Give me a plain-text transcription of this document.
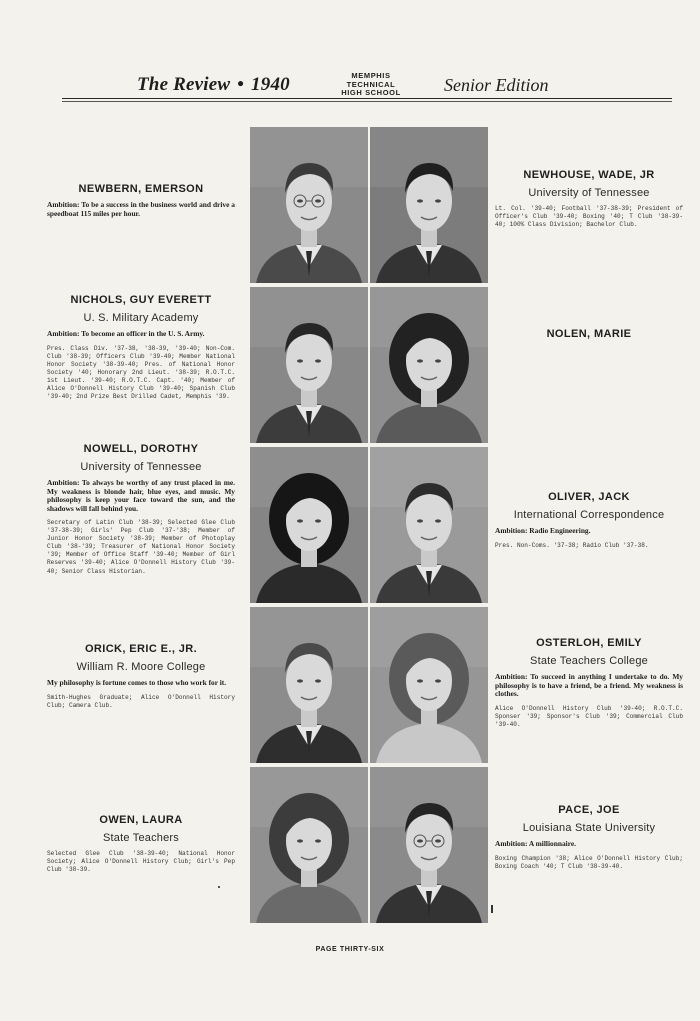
The Review • 1940	MEMPHIS
TECHNICAL
HIGH SCHOOL	Senior Edition
NEWBERN, EMERSON
Ambition: To be a success in the business world and drive a speedboat 115 miles per hour.
NICHOLS, GUY EVERETT
U. S. Military Academy
Ambition: To become an officer in the U. S. Army.
Pres. Class Div. '37-38, '38-39, '39-40; Non-Com. Club '38-39; Officers Club '39-40; Member National Honor Society '38-39-40; Pres. of National Honor Society '40; Honorary 2nd Lieut. '38-39; R.O.T.C. 1st Lieut. '39-40; R.O.T.C. Capt. '40; Member of Alice O'Donnell History Club '39-40; Spanish Club '39-40; 2nd Prize Best Drilled Cadet, Memphis '39.
NOWELL, DOROTHY
University of Tennessee
Ambition: To always be worthy of any trust placed in me. My weakness is blonde hair, blue eyes, and music. My philosophy is keep your face toward the sun, and the shadows will fall behind you.
Secretary of Latin Club '38-39; Selected Glee Club '37-38-39; Girls' Pep Club '37-'38; Member of Junior Honor Society '38-39; Member of Photoplay Club '38-'39; Treasurer of National Honor Society '39; Member of Office Staff '39-40; Member of Girl Reserves '39-40; Alice O'Donnell History Club '39-40; Senior Class Historian.
ORICK, ERIC E., JR.
William R. Moore College
My philosophy is fortune comes to those who work for it.
Smith-Hughes Graduate; Alice O'Donnell History Club; Camera Club.
OWEN, LAURA
State Teachers
Selected Glee Club '38-39-40; National Honor Society; Alice O'Donnell History Club; Girl's Pep Club '38-39.
NEWHOUSE, WADE, JR
University of Tennessee
Lt. Col. '39-40; Football '37-38-39; President of Officer's Club '39-40; Boxing '40; T Club '38-39-40; 100% Class Division; Bachelor Club.
NOLEN, MARIE
OLIVER, JACK
International Correspondence
Ambition: Radio Engineering.
Pres. Non-Coms. '37-38; Radio Club '37-38.
OSTERLOH, EMILY
State Teachers College
Ambition: To succeed in anything I undertake to do. My philosophy is to have a friend, be a friend. My weakness is clothes.
Alice O'Donnell History Club '39-40; R.O.T.C. Sponser '39; Sponsor's Club '39; Commercial Club '39-40.
PACE, JOE
Louisiana State University
Ambition: A millionnaire.
Boxing Champion '38; Alice O'Donnell History Club; Boxing Coach '40; T Club '38-39-40.
PAGE THIRTY-SIX
